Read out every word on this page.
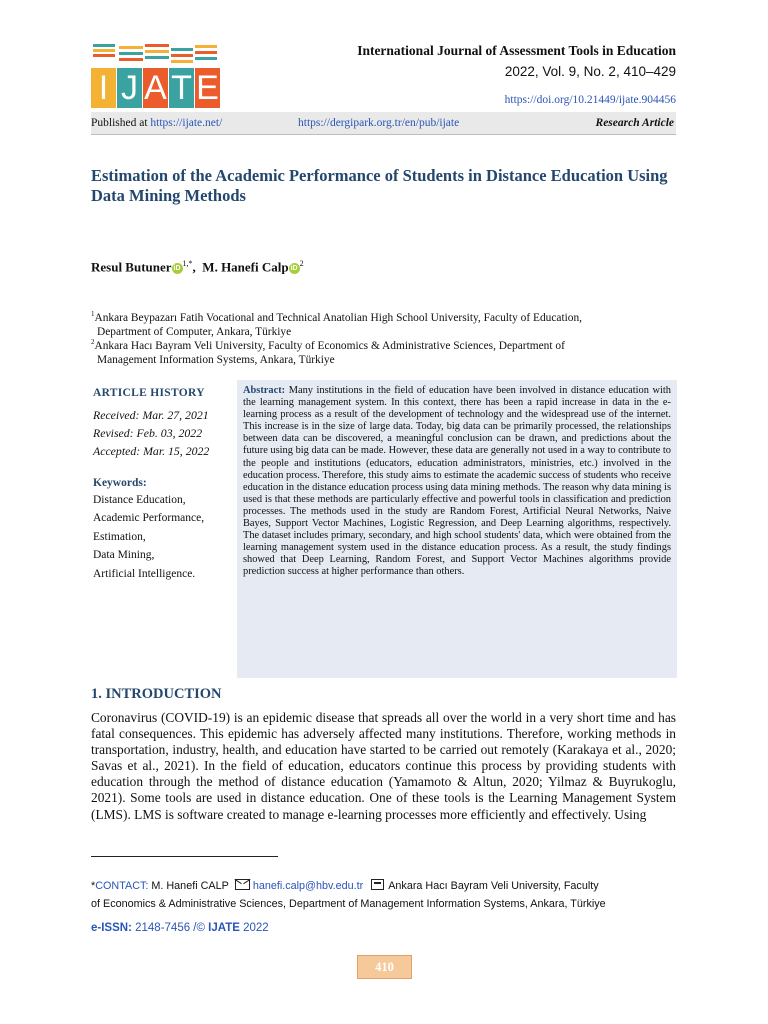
I J A T E
International Journal of Assessment Tools in Education
2022, Vol. 9, No. 2, 410–429
https://doi.org/10.21449/ijate.904456
Published at https://ijate.net/	https://dergipark.org.tr/en/pub/ijate	Research Article
Estimation of the Academic Performance of Students in Distance Education Using Data Mining Methods
Resul Butuner $iD^{1,*}$, M. Hanefi Calp $iD^2$
$^1$Ankara Beypazarı Fatih Vocational and Technical Anatolian High School University, Faculty of Education,
Department of Computer, Ankara, Türkiye
$^2$Ankara Hacı Bayram Veli University, Faculty of Economics & Administrative Sciences, Department of
Management Information Systems, Ankara, Türkiye
ARTICLE HISTORY
Received: Mar. 27, 2021
Revised: Feb. 03, 2022
Accepted: Mar. 15, 2022
Keywords:
Distance Education,
Academic Performance,
Estimation,
Data Mining,
Artificial Intelligence.
Abstract: Many institutions in the field of education have been involved in distance education with the learning management system. In this context, there has been a rapid increase in data in the e-learning process as a result of the development of technology and the widespread use of the internet. This increase is in the size of large data. Today, big data can be primarily processed, the relationships between data can be discovered, a meaningful conclusion can be drawn, and predictions about the future using big data can be made. However, these data are generally not used in a way to contribute to the people and institutions (educators, education administrators, ministries, etc.) involved in the education process. Therefore, this study aims to estimate the academic success of students who receive education in the distance education process using data mining methods. The reason why data mining is used is that these methods are particularly effective and powerful tools in classification and prediction processes. The methods used in the study are Random Forest, Artificial Neural Networks, Naive Bayes, Support Vector Machines, Logistic Regression, and Deep Learning algorithms, respectively. The dataset includes primary, secondary, and high school students' data, which were obtained from the learning management system used in the distance education process. As a result, the study findings showed that Deep Learning, Random Forest, and Support Vector Machines algorithms provide prediction success at higher performance than others.
1. INTRODUCTION
Coronavirus (COVID-19) is an epidemic disease that spreads all over the world in a very short time and has fatal consequences. This epidemic has adversely affected many institutions. Therefore, working methods in transportation, industry, health, and education have started to be carried out remotely (Karakaya et al., 2020; Savas et al., 2021). In the field of education, educators continue this process by providing students with education through the method of distance education (Yamamoto & Altun, 2020; Yilmaz & Buyrukoglu, 2021). Some tools are used in distance education. One of these tools is the Learning Management System (LMS). LMS is software created to manage e-learning processes more efficiently and effectively. Using
*CONTACT: M. Hanefi CALP hanefi.calp@hbv.edu.tr Ankara Hacı Bayram Veli University, Faculty
of Economics & Administrative Sciences, Department of Management Information Systems, Ankara, Türkiye
e-ISSN: 2148-7456 /© IJATE 2022
410
